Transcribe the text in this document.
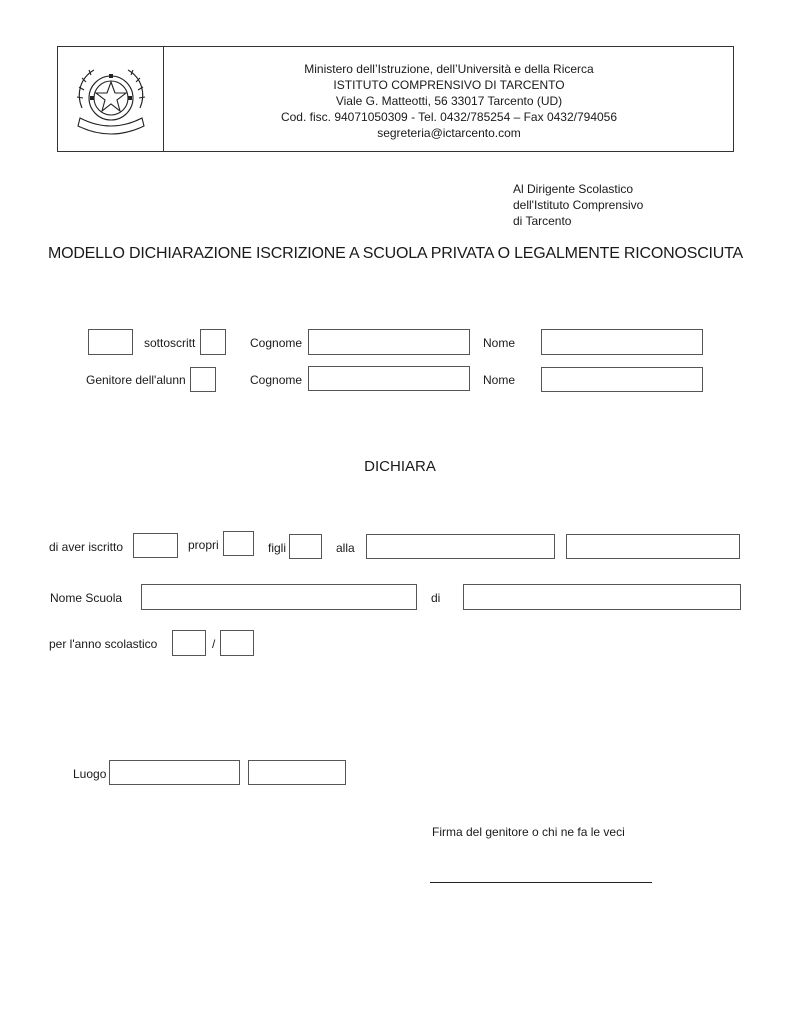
Ministero dell’Istruzione, dell’Università e della Ricerca
ISTITUTO COMPRENSIVO DI TARCENTO
Viale G. Matteotti, 56 33017 Tarcento (UD)
Cod. fisc. 94071050309 - Tel. 0432/785254 – Fax 0432/794056
segreteria@ictarcento.com
Al Dirigente Scolastico
dell'Istituto Comprensivo
di Tarcento
MODELLO DICHIARAZIONE ISCRIZIONE A SCUOLA PRIVATA O LEGALMENTE RICONOSCIUTA
sottoscritt	Cognome	Nome
Genitore dell'alunn	Cognome	Nome
DICHIARA
di aver iscritto	propri	figli	alla
Nome Scuola	di
per l'anno scolastico	/
Luogo
Firma del genitore o chi ne fa le veci
